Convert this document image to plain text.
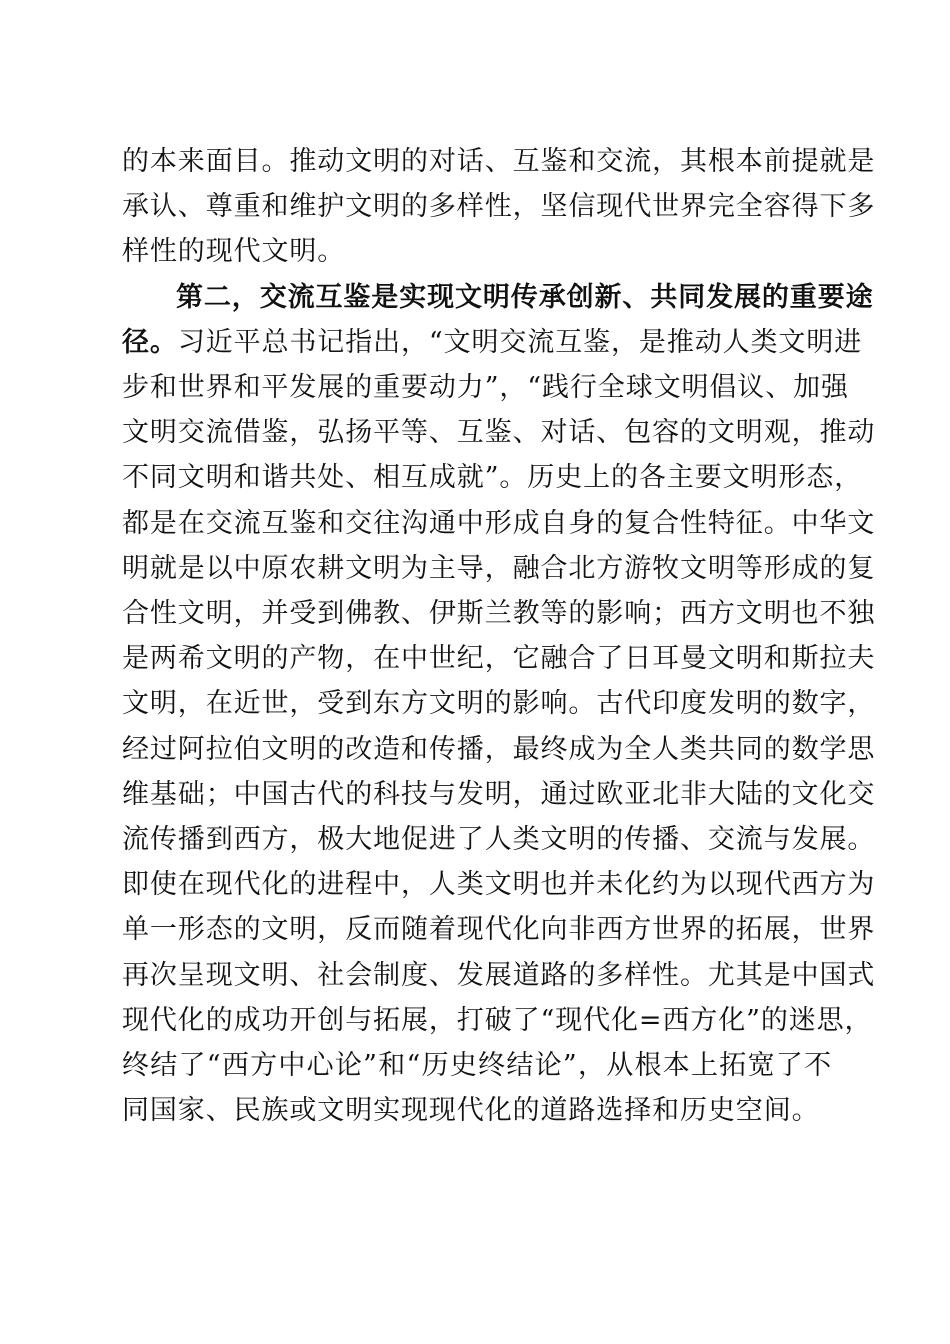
的本来面目。推动文明的对话、互鉴和交流，其根本前提就是
承认、尊重和维护文明的多样性，坚信现代世界完全容得下多
样性的现代文明。
第二，交流互鉴是实现文明传承创新、共同发展的重要途
径。习近平总书记指出，“文明交流互鉴，是推动人类文明进
步和世界和平发展的重要动力”，“践行全球文明倡议、加强
文明交流借鉴，弘扬平等、互鉴、对话、包容的文明观，推动
不同文明和谐共处、相互成就”。历史上的各主要文明形态，
都是在交流互鉴和交往沟通中形成自身的复合性特征。中华文
明就是以中原农耕文明为主导，融合北方游牧文明等形成的复
合性文明，并受到佛教、伊斯兰教等的影响；西方文明也不独
是两希文明的产物，在中世纪，它融合了日耳曼文明和斯拉夫
文明，在近世，受到东方文明的影响。古代印度发明的数字，
经过阿拉伯文明的改造和传播，最终成为全人类共同的数学思
维基础；中国古代的科技与发明，通过欧亚北非大陆的文化交
流传播到西方，极大地促进了人类文明的传播、交流与发展。
即使在现代化的进程中，人类文明也并未化约为以现代西方为
单一形态的文明，反而随着现代化向非西方世界的拓展，世界
再次呈现文明、社会制度、发展道路的多样性。尤其是中国式
现代化的成功开创与拓展，打破了“现代化=西方化”的迷思，
终结了“西方中心论”和“历史终结论”，从根本上拓宽了不
同国家、民族或文明实现现代化的道路选择和历史空间。
